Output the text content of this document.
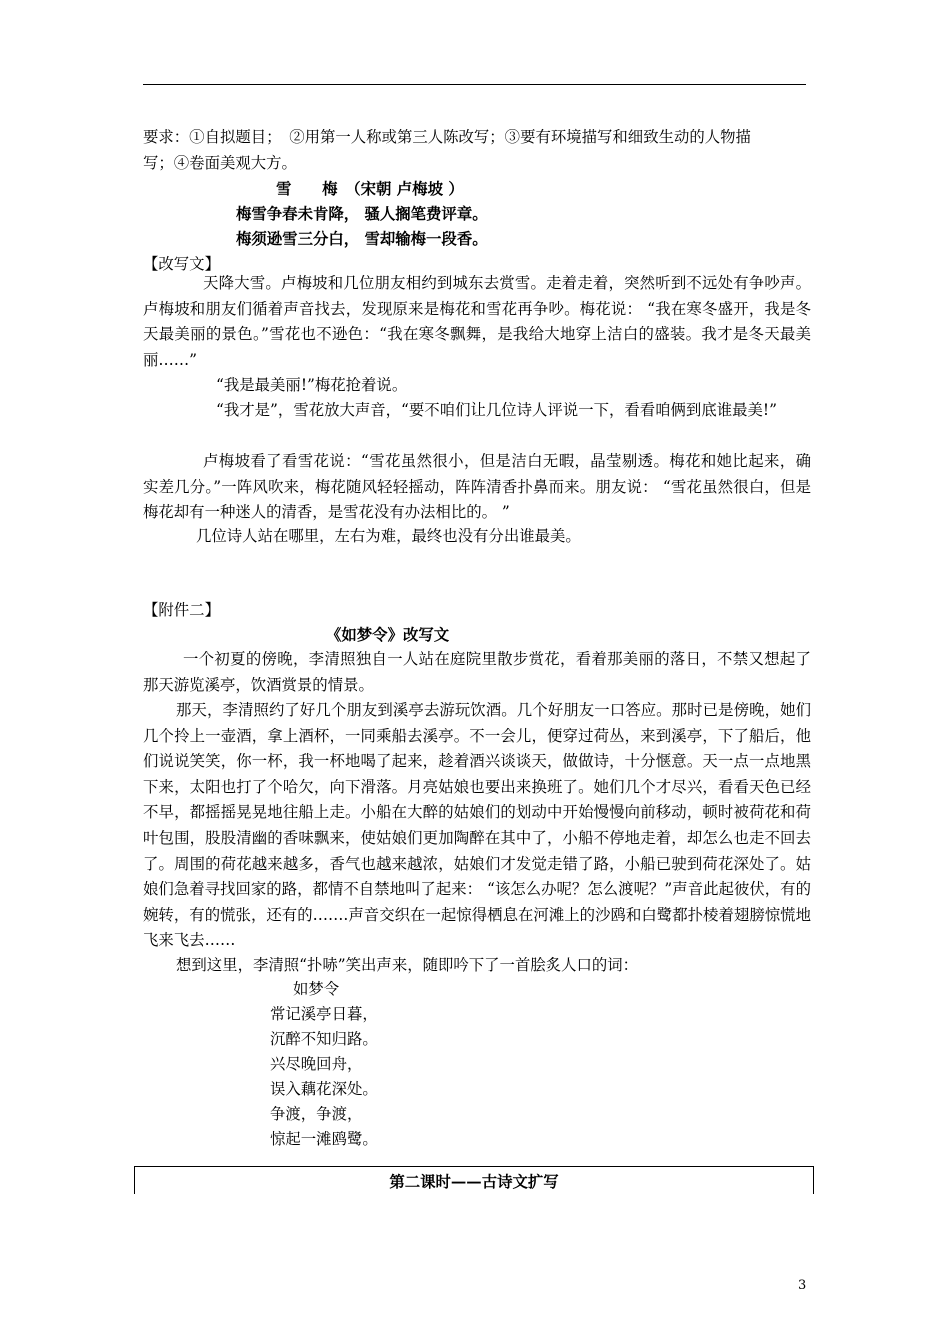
要求：①自拟题目；　②用第一人称或第三人陈改写；③要有环境描写和细致生动的人物描
写；④卷面美观大方。
雪　　梅　（宋朝 卢梅坡 ）
梅雪争春未肯降， 骚人搁笔费评章。
梅须逊雪三分白， 雪却输梅一段香。
【改写文】

天降大雪。卢梅坡和几位朋友相约到城东去赏雪。走着走着，突然听到不远处有争吵声。卢梅坡和朋友们循着声音找去，发现原来是梅花和雪花再争吵。梅花说： “我在寒冬盛开，我是冬天最美丽的景色。”雪花也不逊色：“我在寒冬飘舞，是我给大地穿上洁白的盛装。我才是冬天最美丽……”

“我是最美丽!”梅花抢着说。

“我才是”，雪花放大声音，“要不咱们让几位诗人评说一下，看看咱俩到底谁最美!”

卢梅坡看了看雪花说：“雪花虽然很小，但是洁白无暇，晶莹剔透。梅花和她比起来，确实差几分。”一阵风吹来，梅花随风轻轻摇动，阵阵清香扑鼻而来。朋友说： “雪花虽然很白，但是梅花却有一种迷人的清香，是雪花没有办法相比的。 ”

几位诗人站在哪里，左右为难，最终也没有分出谁最美。

【附件二】
《如梦令》改写文

一个初夏的傍晚，李清照独自一人站在庭院里散步赏花，看着那美丽的落日，不禁又想起了那天游览溪亭，饮酒赏景的情景。

那天，李清照约了好几个朋友到溪亭去游玩饮酒。几个好朋友一口答应。那时已是傍晚，她们几个拎上一壶酒，拿上酒杯，一同乘船去溪亭。不一会儿，便穿过荷丛，来到溪亭，下了船后，他们说说笑笑，你一杯，我一杯地喝了起来，趁着酒兴谈谈天，做做诗，十分惬意。天一点一点地黑下来，太阳也打了个哈欠，向下滑落。月亮姑娘也要出来换班了。她们几个才尽兴，看看天色已经不早，都摇摇晃晃地往船上走。小船在大醉的姑娘们的划动中开始慢慢向前移动，顿时被荷花和荷叶包围，股股清幽的香味飘来，使姑娘们更加陶醉在其中了，小船不停地走着，却怎么也走不回去了。周围的荷花越来越多，香气也越来越浓，姑娘们才发觉走错了路，小船已驶到荷花深处了。姑娘们急着寻找回家的路，都情不自禁地叫了起来： “该怎么办呢？怎么渡呢？”声音此起彼伏，有的婉转，有的慌张，还有的…….声音交织在一起惊得栖息在河滩上的沙鸥和白鹭都扑棱着翅膀惊慌地飞来飞去……

想到这里，李清照“扑哧”笑出声来，随即吟下了一首脍炙人口的词：

如梦令
常记溪亭日暮，
沉醉不知归路。
兴尽晚回舟，
误入藕花深处。
争渡，争渡，
惊起一滩鸥鹭。
第二课时——古诗文扩写
3
